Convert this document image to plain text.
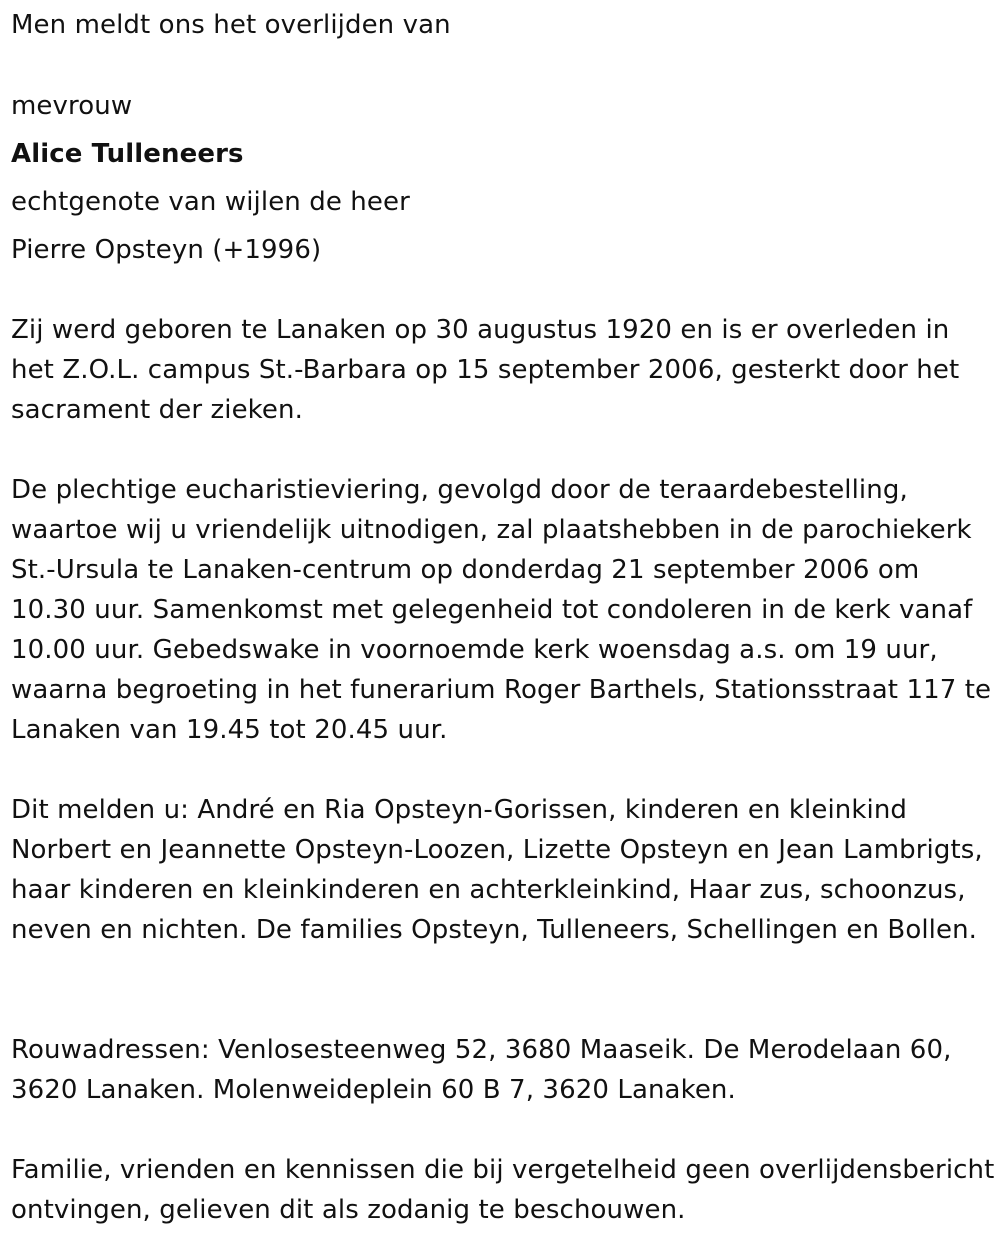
Men meldt ons het overlijden van
mevrouw
Alice Tulleneers
echtgenote van wijlen de heer
Pierre Opsteyn (+1996)
Zij werd geboren te Lanaken op 30 augustus 1920 en is er overleden in het Z.O.L. campus St.-Barbara op 15 september 2006, gesterkt door het sacrament der zieken.
De plechtige eucharistieviering, gevolgd door de teraardebestelling, waartoe wij u vriendelijk uitnodigen, zal plaatshebben in de parochiekerk St.-Ursula te Lanaken-centrum op donderdag 21 september 2006 om 10.30 uur. Samenkomst met gelegenheid tot condoleren in de kerk vanaf 10.00 uur. Gebedswake in voornoemde kerk woensdag a.s. om 19 uur, waarna begroeting in het funerarium Roger Barthels, Stationsstraat 117 te Lanaken van 19.45 tot 20.45 uur.
Dit melden u: André en Ria Opsteyn-Gorissen, kinderen en kleinkind Norbert en Jeannette Opsteyn-Loozen, Lizette Opsteyn en Jean Lambrigts, haar kinderen en kleinkinderen en achterkleinkind, Haar zus, schoonzus, neven en nichten. De families Opsteyn, Tulleneers, Schellingen en Bollen.
Rouwadressen: Venlosesteenweg 52, 3680 Maaseik. De Merodelaan 60, 3620 Lanaken. Molenweideplein 60 B 7, 3620 Lanaken.
Familie, vrienden en kennissen die bij vergetelheid geen overlijdensbericht ontvingen, gelieven dit als zodanig te beschouwen.
